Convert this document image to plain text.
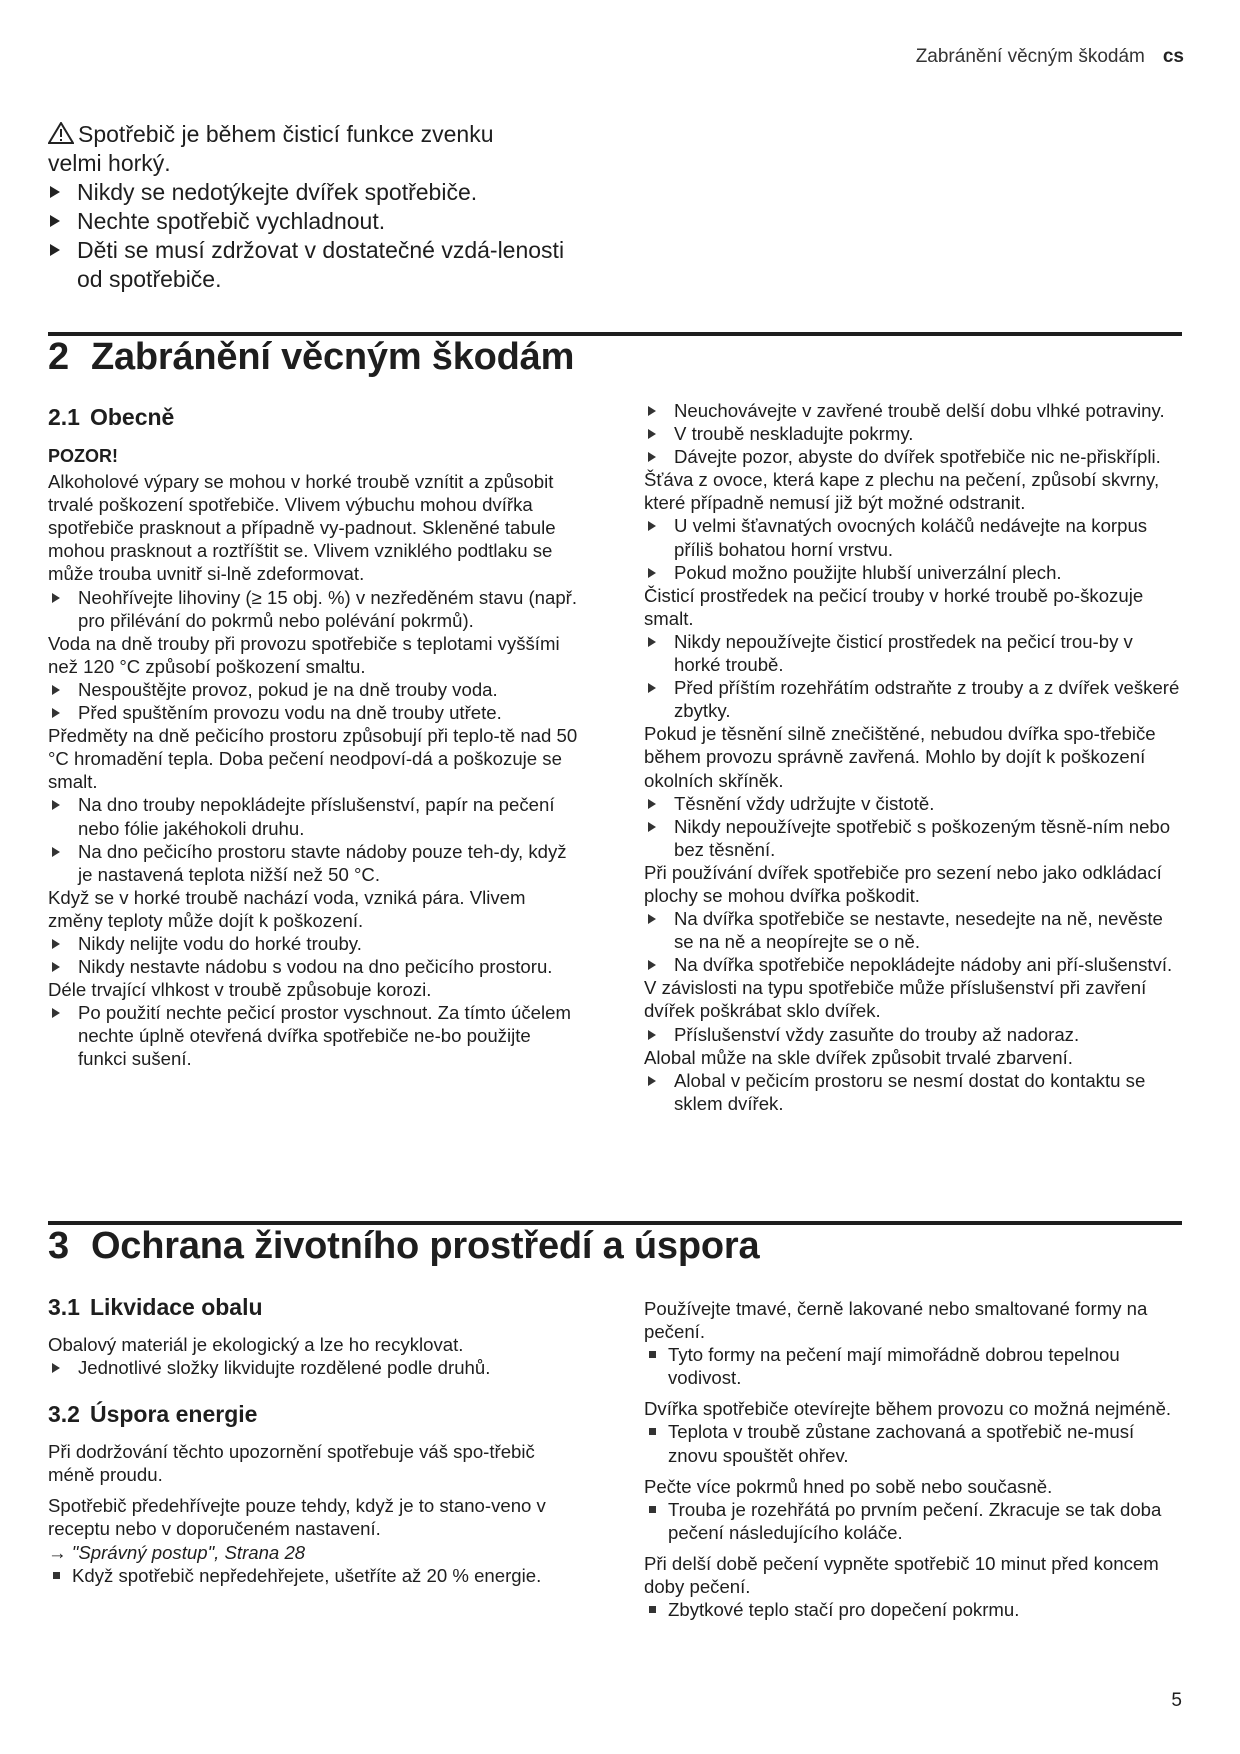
Zabránění věcným škodám cs

Spotřebič je během čisticí funkce zvenku

velmi horký.

Nikdy se nedotýkejte dvířek spotřebiče.
Nechte spotřebič vychladnout.
Děti se musí zdržovat v dostatečné vzdá-lenosti od spotřebiče.
2 Zabránění věcným škodám
2.1 Obecně

POZOR!

Alkoholové výpary se mohou v horké troubě vznítit a způsobit trvalé poškození spotřebiče. Vlivem výbuchu mohou dvířka spotřebiče prasknout a případně vy-padnout. Skleněné tabule mohou prasknout a roztříštit se. Vlivem vzniklého podtlaku se může trouba uvnitř si-lně zdeformovat.

Neohřívejte lihoviny (≥ 15 obj. %) v nezředěném stavu (např. pro přilévání do pokrmů nebo polévání pokrmů).

Voda na dně trouby při provozu spotřebiče s teplotami vyššími než 120 °C způsobí poškození smaltu.

Nespouštějte provoz, pokud je na dně trouby voda.
Před spuštěním provozu vodu na dně trouby utřete.

Předměty na dně pečicího prostoru způsobují při teplo-tě nad 50 °C hromadění tepla. Doba pečení neodpoví-dá a poškozuje se smalt.

Na dno trouby nepokládejte příslušenství, papír na pečení nebo fólie jakéhokoli druhu.
Na dno pečicího prostoru stavte nádoby pouze teh-dy, když je nastavená teplota nižší než 50 °C.

Když se v horké troubě nachází voda, vzniká pára. Vlivem změny teploty může dojít k poškození.

Nikdy nelijte vodu do horké trouby.
Nikdy nestavte nádobu s vodou na dno pečicího prostoru.

Déle trvající vlhkost v troubě způsobuje korozi.

Po použití nechte pečicí prostor vyschnout. Za tímto účelem nechte úplně otevřená dvířka spotřebiče ne-bo použijte funkci sušení.
Neuchovávejte v zavřené troubě delší dobu vlhké potraviny.
V troubě neskladujte pokrmy.
Dávejte pozor, abyste do dvířek spotřebiče nic ne-přiskřípli.

Šťáva z ovoce, která kape z plechu na pečení, způsobí skvrny, které případně nemusí již být možné odstranit.

U velmi šťavnatých ovocných koláčů nedávejte na korpus příliš bohatou horní vrstvu.
Pokud možno použijte hlubší univerzální plech.

Čisticí prostředek na pečicí trouby v horké troubě po-škozuje smalt.

Nikdy nepoužívejte čisticí prostředek na pečicí trou-by v horké troubě.
Před příštím rozehřátím odstraňte z trouby a z dvířek veškeré zbytky.

Pokud je těsnění silně znečištěné, nebudou dvířka spo-třebiče během provozu správně zavřená. Mohlo by dojít k poškození okolních skříněk.

Těsnění vždy udržujte v čistotě.
Nikdy nepoužívejte spotřebič s poškozeným těsně-ním nebo bez těsnění.

Při používání dvířek spotřebiče pro sezení nebo jako odkládací plochy se mohou dvířka poškodit.

Na dvířka spotřebiče se nestavte, nesedejte na ně, nevěste se na ně a neopírejte se o ně.
Na dvířka spotřebiče nepokládejte nádoby ani pří-slušenství.

V závislosti na typu spotřebiče může příslušenství při zavření dvířek poškrábat sklo dvířek.

Příslušenství vždy zasuňte do trouby až nadoraz.

Alobal může na skle dvířek způsobit trvalé zbarvení.

Alobal v pečicím prostoru se nesmí dostat do kontaktu se sklem dvířek.
3 Ochrana životního prostředí a úspora
3.1 Likvidace obalu

Obalový materiál je ekologický a lze ho recyklovat.

Jednotlivé složky likvidujte rozdělené podle druhů.
3.2 Úspora energie

Při dodržování těchto upozornění spotřebuje váš spo-třebič méně proudu.

Spotřebič předehřívejte pouze tehdy, když je to stano-veno v receptu nebo v doporučeném nastavení.

→ "Správný postup", Strana 28

Když spotřebič nepředehřejete, ušetříte až 20 % energie.

Používejte tmavé, černě lakované nebo smaltované formy na pečení.

Tyto formy na pečení mají mimořádně dobrou tepelnou vodivost.

Dvířka spotřebiče otevírejte během provozu co možná nejméně.

Teplota v troubě zůstane zachovaná a spotřebič ne-musí znovu spouštět ohřev.

Pečte více pokrmů hned po sobě nebo současně.

Trouba je rozehřátá po prvním pečení. Zkracuje se tak doba pečení následujícího koláče.

Při delší době pečení vypněte spotřebič 10 minut před koncem doby pečení.

Zbytkové teplo stačí pro dopečení pokrmu.
5
